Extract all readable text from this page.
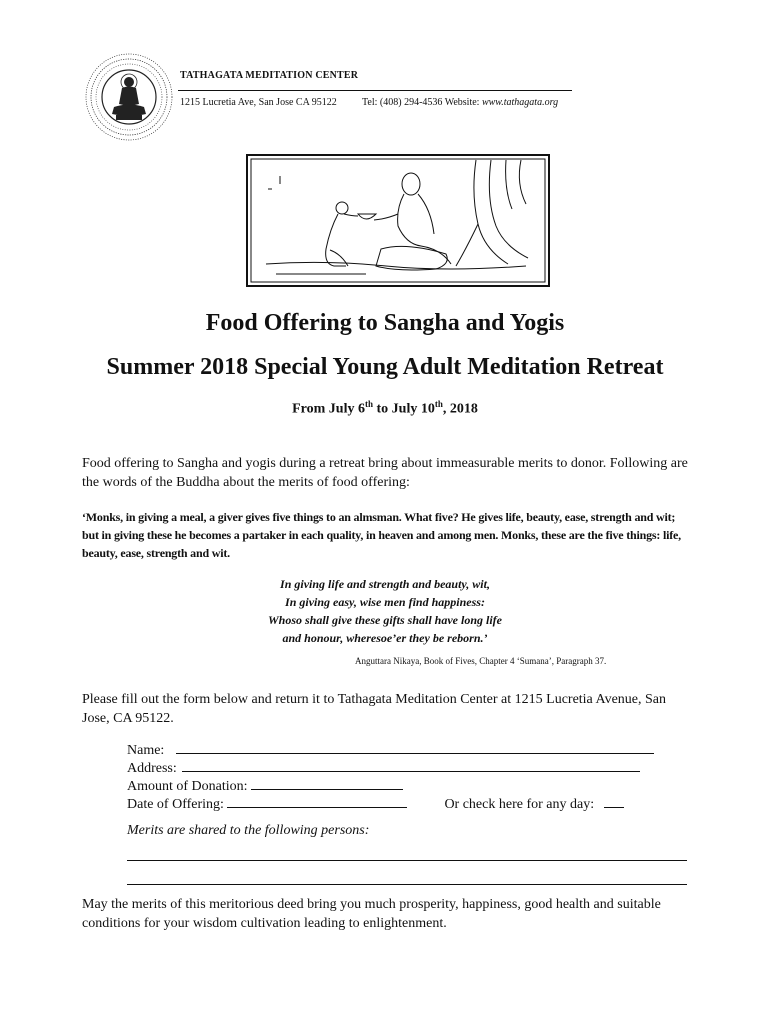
TATHAGATA MEDITATION CENTER
1215 Lucretia Ave, San Jose CA 95122	Tel: (408) 294-4536 Website: www.tathagata.org
Food Offering to Sangha and Yogis
Summer 2018 Special Young Adult Meditation Retreat
From July 6th to July 10th, 2018
Food offering to Sangha and yogis during a retreat bring about immeasurable merits to donor. Following are the words of the Buddha about the merits of food offering:
‘Monks, in giving a meal, a giver gives five things to an almsman. What five? He gives life, beauty, ease, strength and wit; but in giving these he becomes a partaker in each quality, in heaven and among men. Monks, these are the five things: life, beauty, ease, strength and wit.
In giving life and strength and beauty, wit,
In giving easy, wise men find happiness:
Whoso shall give these gifts shall have long life
and honour, wheresoe’er they be reborn.’
Anguttara Nikaya, Book of Fives, Chapter 4 ‘Sumana’, Paragraph 37.
Please fill out the form below and return it to Tathagata Meditation Center at 1215 Lucretia Avenue, San Jose, CA 95122.
Name:
Address:
Amount of Donation:
Date of Offering:	Or check here for any day:
Merits are shared to the following persons:
May the merits of this meritorious deed bring you much prosperity, happiness, good health and suitable conditions for your wisdom cultivation leading to enlightenment.
